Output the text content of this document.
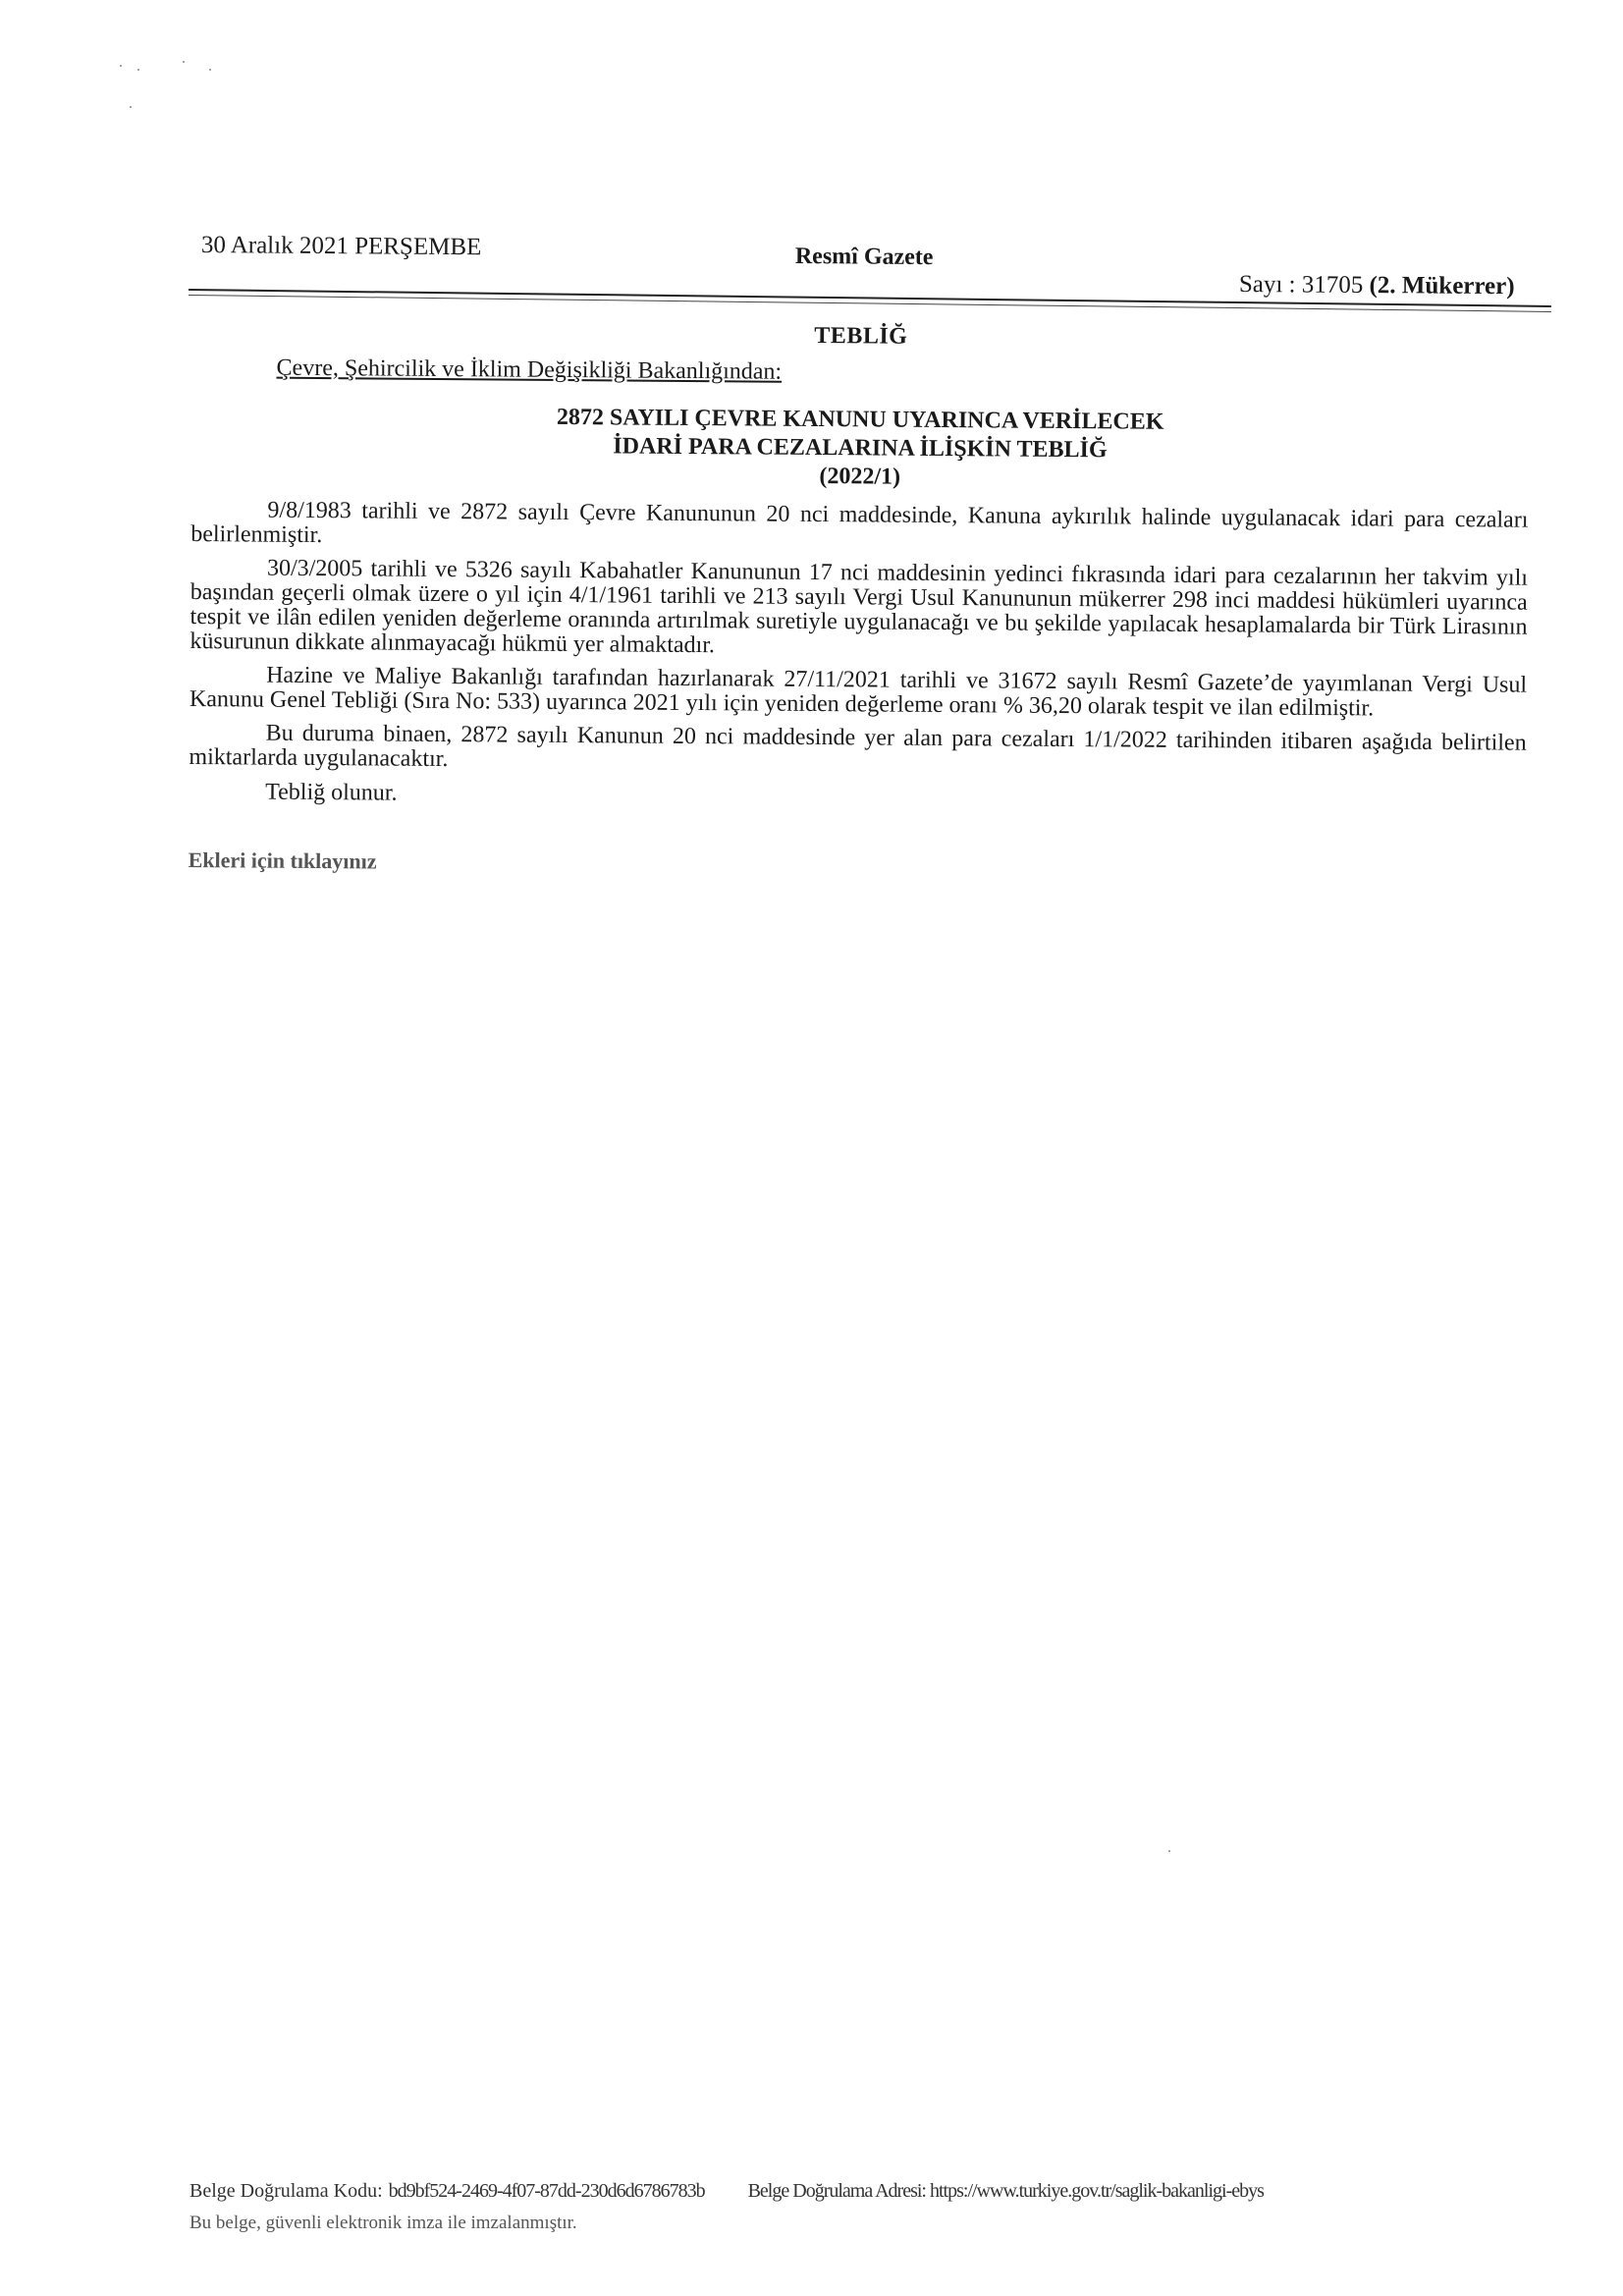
30 Aralık 2021 PERŞEMBE	Resmî Gazete
Sayı : 31705 (2. Mükerrer)
TEBLİĞ
Çevre, Şehircilik ve İklim Değişikliği Bakanlığından:
2872 SAYILI ÇEVRE KANUNU UYARINCA VERİLECEK
İDARİ PARA CEZALARINA İLİŞKİN TEBLİĞ
(2022/1)

9/8/1983 tarihli ve 2872 sayılı Çevre Kanununun 20 nci maddesinde, Kanuna aykırılık halinde uygulanacak idari para cezaları belirlenmiştir.

30/3/2005 tarihli ve 5326 sayılı Kabahatler Kanununun 17 nci maddesinin yedinci fıkrasında idari para cezalarının her takvim yılı başından geçerli olmak üzere o yıl için 4/1/1961 tarihli ve 213 sayılı Vergi Usul Kanununun mükerrer 298 inci maddesi hükümleri uyarınca tespit ve ilân edilen yeniden değerleme oranında artırılmak suretiyle uygulanacağı ve bu şekilde yapılacak hesaplamalarda bir Türk Lirasının küsurunun dikkate alınmayacağı hükmü yer almaktadır.

Hazine ve Maliye Bakanlığı tarafından hazırlanarak 27/11/2021 tarihli ve 31672 sayılı Resmî Gazete’de yayımlanan Vergi Usul Kanunu Genel Tebliği (Sıra No: 533) uyarınca 2021 yılı için yeniden değerleme oranı % 36,20 olarak tespit ve ilan edilmiştir.

Bu duruma binaen, 2872 sayılı Kanunun 20 nci maddesinde yer alan para cezaları 1/1/2022 tarihinden itibaren aşağıda belirtilen miktarlarda uygulanacaktır.

Tebliğ olunur.

Ekleri için tıklayınız

Belge Doğrulama Kodu: bd9bf524-2469-4f07-87dd-230d6d6786783b Belge Doğrulama Adresi: https://www.turkiye.gov.tr/saglik-bakanligi-ebys
Bu belge, güvenli elektronik imza ile imzalanmıştır.
